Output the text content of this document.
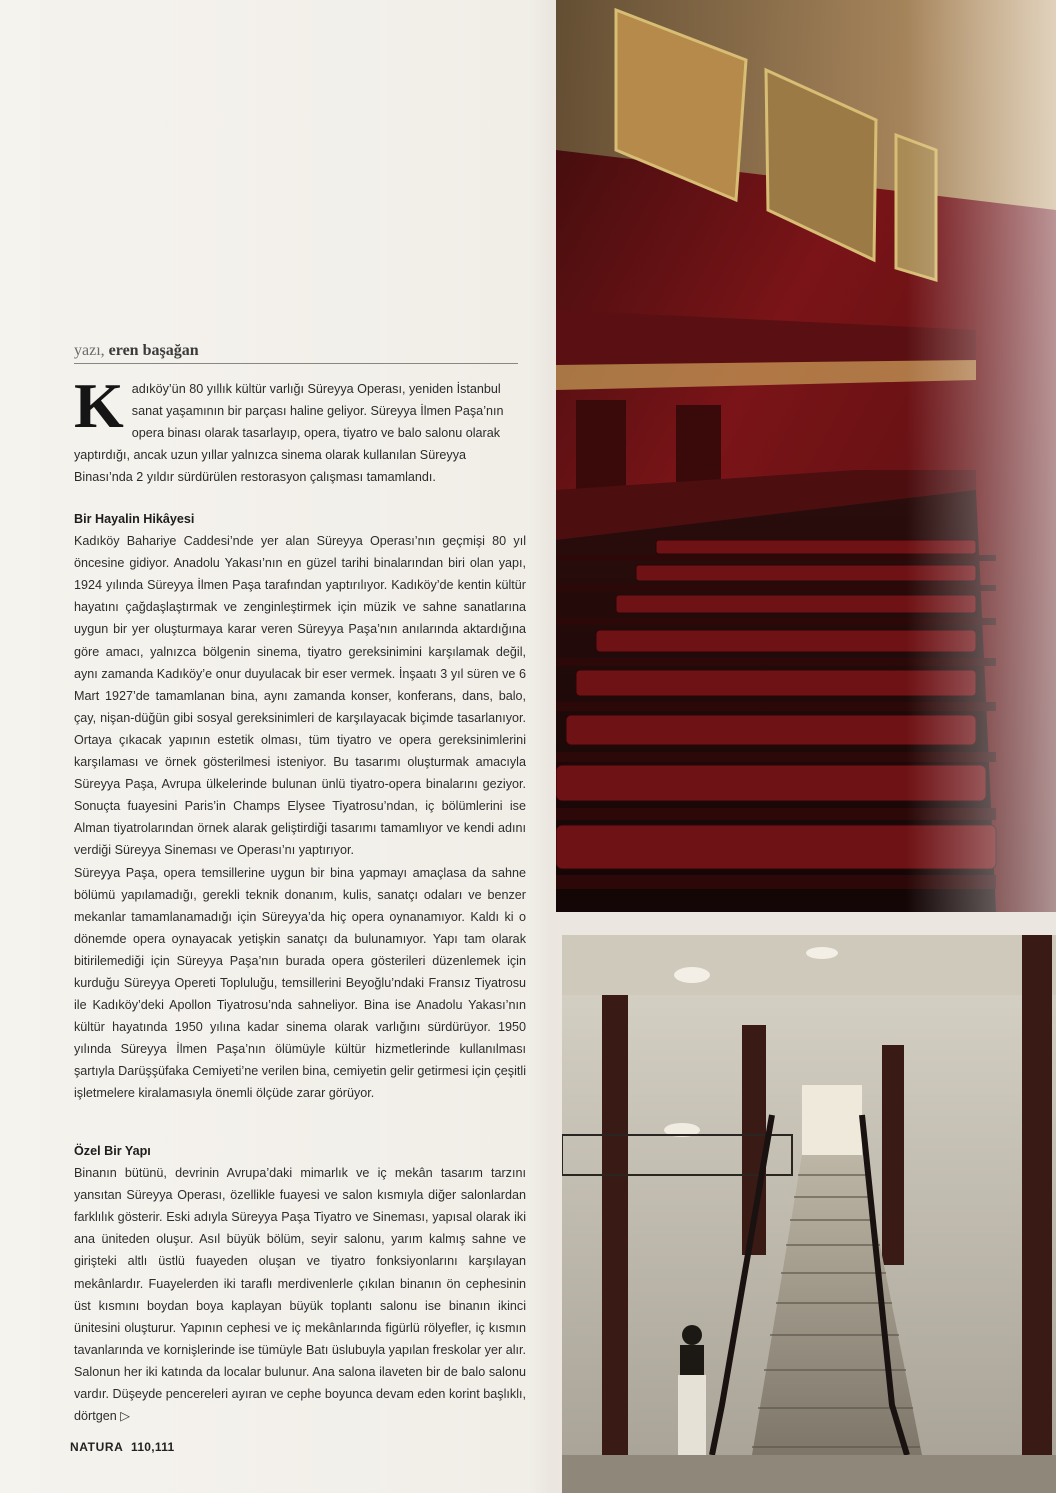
yazı, eren başağan
K adıköy’ün 80 yıllık kültür varlığı Süreyya Operası, yeniden İstanbul sanat yaşamının bir parçası haline geliyor. Süreyya İlmen Paşa’nın opera binası olarak tasarlayıp, opera, tiyatro ve balo salonu olarak yaptırdığı, ancak uzun yıllar yalnızca sinema olarak kullanılan Süreyya Binası’nda 2 yıldır sürdürülen restorasyon çalışması tamamlandı.
Bir Hayalin Hikâyesi

Kadıköy Bahariye Caddesi’nde yer alan Süreyya Operası’nın geçmişi 80 yıl öncesine gidiyor. Anadolu Yakası’nın en güzel tarihi binalarından biri olan yapı, 1924 yılında Süreyya İlmen Paşa tarafından yaptırılıyor. Kadıköy’de kentin kültür hayatını çağdaşlaştırmak ve zenginleştirmek için müzik ve sahne sanatlarına uygun bir yer oluşturmaya karar veren Süreyya Paşa’nın anılarında aktardığına göre amacı, yalnızca bölgenin sinema, tiyatro gereksinimini karşılamak değil, aynı zamanda Kadıköy’e onur duyulacak bir eser vermek. İnşaatı 3 yıl süren ve 6 Mart 1927’de tamamlanan bina, aynı zamanda konser, konferans, dans, balo, çay, nişan-düğün gibi sosyal gereksinimleri de karşılayacak biçimde tasarlanıyor. Ortaya çıkacak yapının estetik olması, tüm tiyatro ve opera gereksinimlerini karşılaması ve örnek gösterilmesi isteniyor. Bu tasarımı oluşturmak amacıyla Süreyya Paşa, Avrupa ülkelerinde bulunan ünlü tiyatro-opera binalarını geziyor. Sonuçta fuayesini Paris’in Champs Elysee Tiyatrosu’ndan, iç bölümlerini ise Alman tiyatrolarından örnek alarak geliştirdiği tasarımı tamamlıyor ve kendi adını verdiği Süreyya Sineması ve Operası’nı yaptırıyor.

Süreyya Paşa, opera temsillerine uygun bir bina yapmayı amaçlasa da sahne bölümü yapılamadığı, gerekli teknik donanım, kulis, sanatçı odaları ve benzer mekanlar tamamlanamadığı için Süreyya’da hiç opera oynanamıyor. Kaldı ki o dönemde opera oynayacak yetişkin sanatçı da bulunamıyor. Yapı tam olarak bitirilemediği için Süreyya Paşa’nın burada opera gösterileri düzenlemek için kurduğu Süreyya Opereti Topluluğu, temsillerini Beyoğlu’ndaki Fransız Tiyatrosu ile Kadıköy’deki Apollon Tiyatrosu’nda sahneliyor. Bina ise Anadolu Yakası’nın kültür hayatında 1950 yılına kadar sinema olarak varlığını sürdürüyor. 1950 yılında Süreyya İlmen Paşa’nın ölümüyle kültür hizmetlerinde kullanılması şartıyla Darüşşüfaka Cemiyeti’ne verilen bina, cemiyetin gelir getirmesi için çeşitli işletmelere kiralamasıyla önemli ölçüde zarar görüyor.

Özel Bir Yapı

Binanın bütünü, devrinin Avrupa’daki mimarlık ve iç mekân tasarım tarzını yansıtan Süreyya Operası, özellikle fuayesi ve salon kısmıyla diğer salonlardan farklılık gösterir. Eski adıyla Süreyya Paşa Tiyatro ve Sineması, yapısal olarak iki ana üniteden oluşur. Asıl büyük bölüm, seyir salonu, yarım kalmış sahne ve girişteki altlı üstlü fuayeden oluşan ve tiyatro fonksiyonlarını karşılayan mekânlardır. Fuayelerden iki taraflı merdivenlerle çıkılan binanın ön cephesinin üst kısmını boydan boya kaplayan büyük toplantı salonu ise binanın ikinci ünitesini oluşturur. Yapının cephesi ve iç mekânlarında figürlü rölyefler, iç kısmın tavanlarında ve kornişlerinde ise tümüyle Batı üslubuyla yapılan freskolar yer alır. Salonun her iki katında da localar bulunur. Ana salona ilaveten bir de balo salonu vardır. Düşeyde pencereleri ayıran ve cephe boyunca devam eden korint başlıklı, dörtgen ▷

NATURA 110,111
